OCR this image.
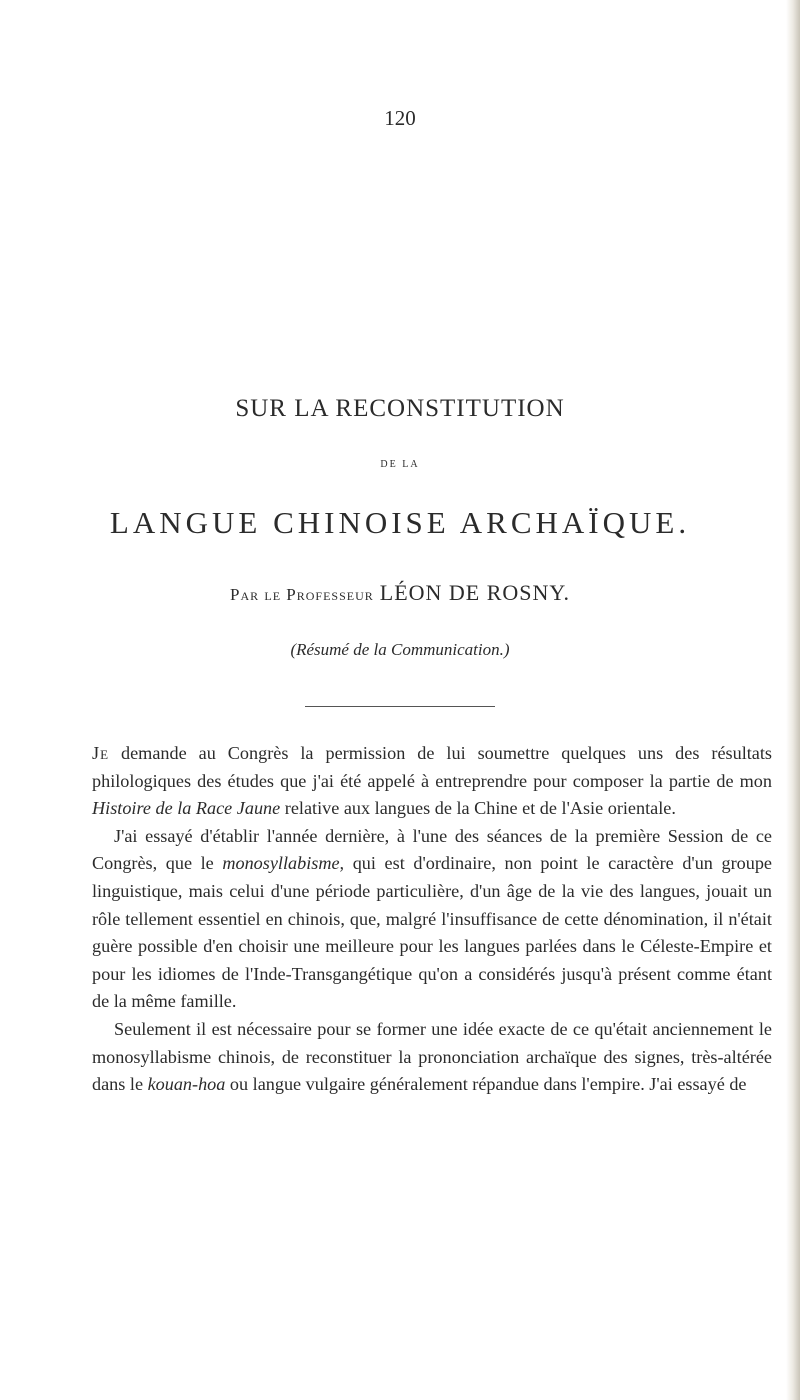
120
SUR LA RECONSTITUTION
DE LA
LANGUE CHINOISE ARCHAÏQUE.
Par le Professeur LÉON DE ROSNY.
(Résumé de la Communication.)

Je demande au Congrès la permission de lui soumettre quelques uns des résultats philologiques des études que j'ai été appelé à entreprendre pour composer la partie de mon Histoire de la Race Jaune relative aux langues de la Chine et de l'Asie orientale.

J'ai essayé d'établir l'année dernière, à l'une des séances de la première Session de ce Congrès, que le monosyllabisme, qui est d'ordinaire, non point le caractère d'un groupe linguistique, mais celui d'une période particulière, d'un âge de la vie des langues, jouait un rôle tellement essentiel en chinois, que, malgré l'insuffisance de cette dénomination, il n'était guère possible d'en choisir une meilleure pour les langues parlées dans le Céleste-Empire et pour les idiomes de l'Inde-Transgangétique qu'on a considérés jusqu'à présent comme étant de la même famille.

Seulement il est nécessaire pour se former une idée exacte de ce qu'était anciennement le monosyllabisme chinois, de reconstituer la prononciation archaïque des signes, très-altérée dans le kouan-hoa ou langue vulgaire généralement répandue dans l'empire. J'ai essayé de
